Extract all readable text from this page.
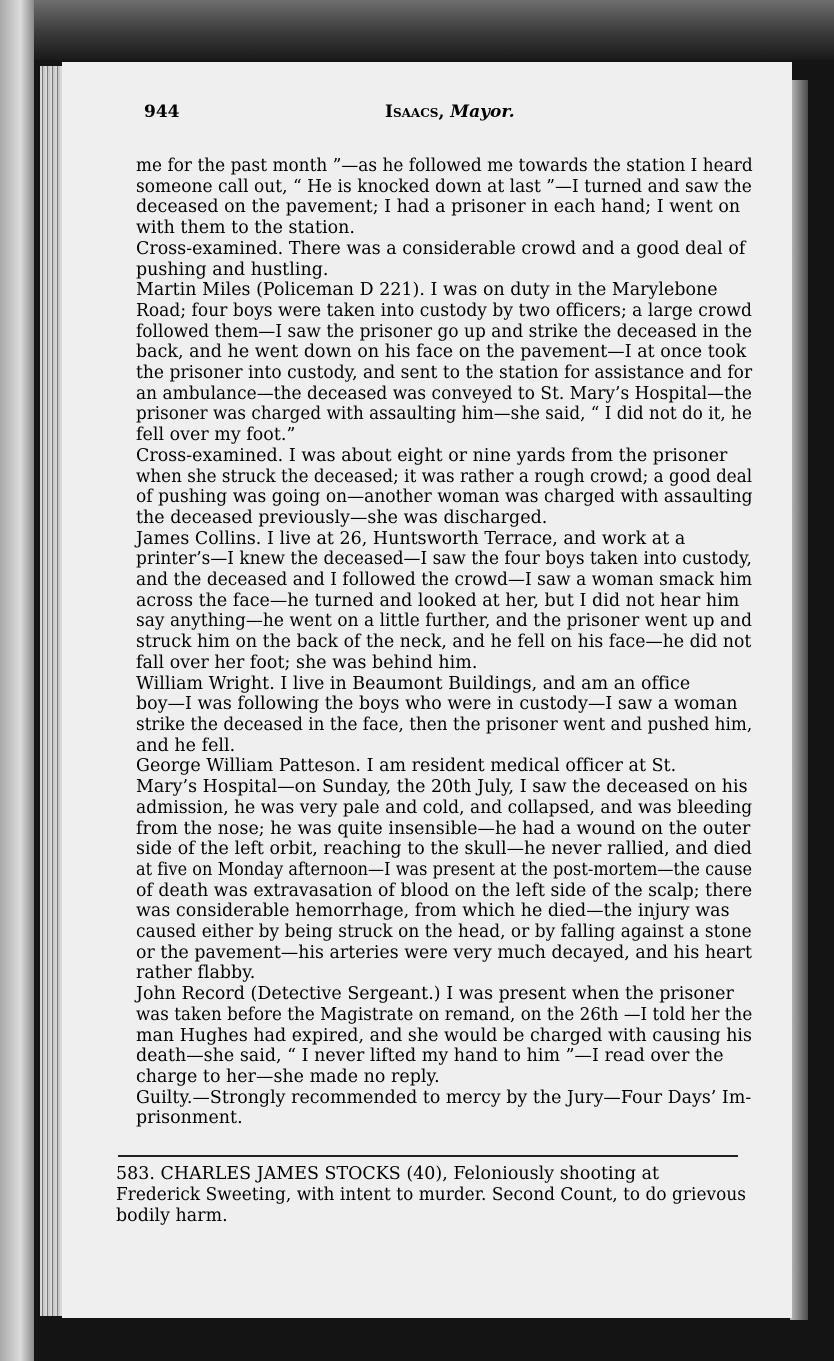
944	Isaacs, Mayor.
me for the past month ”—as he followed me towards the station I heard
someone call out, “ He is knocked down at last ”—I turned and saw the
deceased on the pavement; I had a prisoner in each hand; I went on
with them to the station.
Cross-examined. There was a considerable crowd and a good deal of
pushing and hustling.
Martin Miles (Policeman D 221). I was on duty in the Marylebone
Road; four boys were taken into custody by two officers; a large crowd
followed them—I saw the prisoner go up and strike the deceased in the
back, and he went down on his face on the pavement—I at once took
the prisoner into custody, and sent to the station for assistance and for
an ambulance—the deceased was conveyed to St. Mary’s Hospital—the
prisoner was charged with assaulting him—she said, “ I did not do it, he
fell over my foot.”
Cross-examined. I was about eight or nine yards from the prisoner
when she struck the deceased; it was rather a rough crowd; a good deal
of pushing was going on—another woman was charged with assaulting
the deceased previously—she was discharged.
James Collins. I live at 26, Huntsworth Terrace, and work at a
printer’s—I knew the deceased—I saw the four boys taken into custody,
and the deceased and I followed the crowd—I saw a woman smack him
across the face—he turned and looked at her, but I did not hear him
say anything—he went on a little further, and the prisoner went up and
struck him on the back of the neck, and he fell on his face—he did not
fall over her foot; she was behind him.
William Wright. I live in Beaumont Buildings, and am an office
boy—I was following the boys who were in custody—I saw a woman
strike the deceased in the face, then the prisoner went and pushed him,
and he fell.
George William Patteson. I am resident medical officer at St.
Mary’s Hospital—on Sunday, the 20th July, I saw the deceased on his
admission, he was very pale and cold, and collapsed, and was bleeding
from the nose; he was quite insensible—he had a wound on the outer
side of the left orbit, reaching to the skull—he never rallied, and died
at five on Monday afternoon—I was present at the post-mortem—the cause
of death was extravasation of blood on the left side of the scalp; there
was considerable hemorrhage, from which he died—the injury was
caused either by being struck on the head, or by falling against a stone
or the pavement—his arteries were very much decayed, and his heart
rather flabby.
John Record (Detective Sergeant.) I was present when the prisoner
was taken before the Magistrate on remand, on the 26th —I told her the
man Hughes had expired, and she would be charged with causing his
death—she said, “ I never lifted my hand to him ”—I read over the
charge to her—she made no reply.
Guilty.—Strongly recommended to mercy by the Jury—Four Days’ Im-
prisonment.
583. CHARLES JAMES STOCKS (40), Feloniously shooting at
Frederick Sweeting, with intent to murder. Second Count, to do grievous
bodily harm.
